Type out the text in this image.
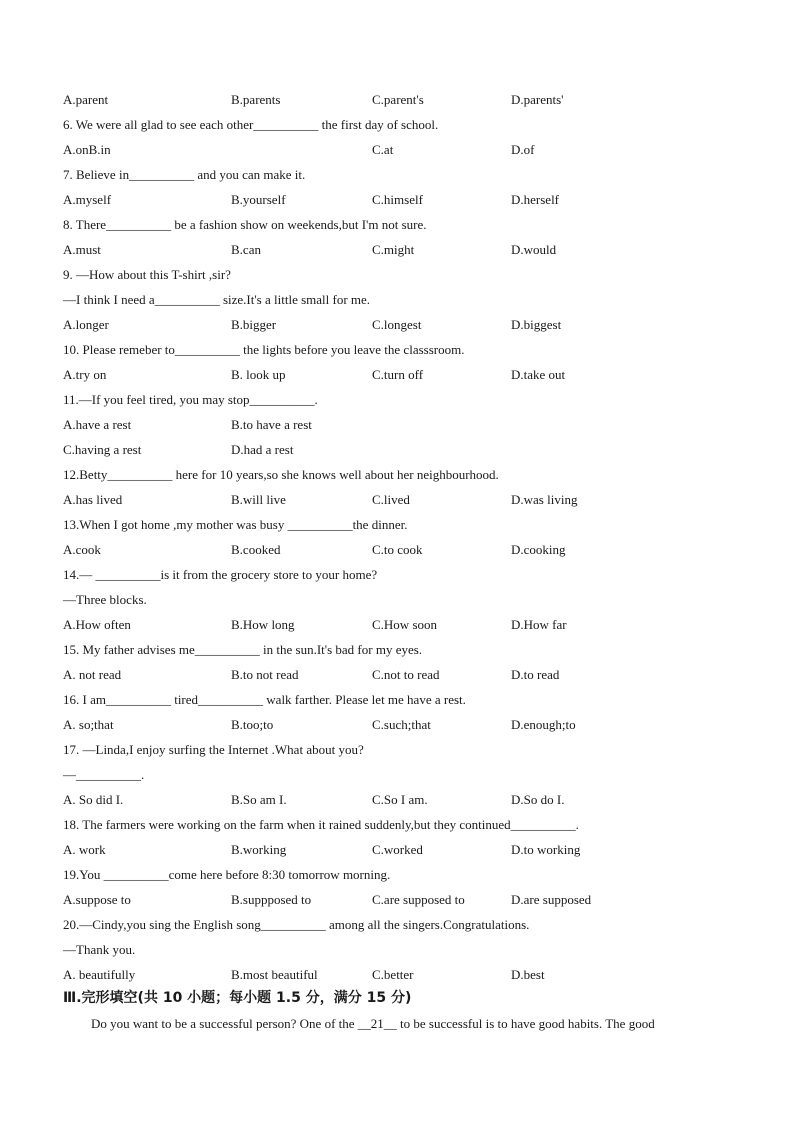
A.parent	B.parents	C.parent's	D.parents'
6. We were all glad to see each other__________ the first day of school.
A.onB.in	C.at	D.of
7. Believe in__________ and you can make it.
A.myself	B.yourself	C.himself	D.herself
8. There__________ be a fashion show on weekends,but I'm not sure.
A.must	B.can	C.might	D.would
9. —How about this T-shirt ,sir?
—I think I need a__________ size.It's a little small for me.
A.longer	B.bigger	C.longest	D.biggest
10. Please remeber to__________ the lights before you leave the classsroom.
A.try on	B. look up	C.turn off	D.take out
11.—If you feel tired, you may stop__________.
A.have a rest	B.to have a rest
C.having a rest	D.had a rest
12.Betty__________ here for 10 years,so she knows well about her neighbourhood.
A.has lived	B.will live	C.lived	D.was living
13.When I got home ,my mother was busy __________the dinner.
A.cook	B.cooked	C.to cook	D.cooking
14.— __________is it from the grocery store to your home?
—Three blocks.
A.How often	B.How long	C.How soon	D.How far
15. My father advises me__________ in the sun.It's bad for my eyes.
A. not read	B.to not read	C.not to read	D.to read
16. I am__________ tired__________ walk farther. Please let me have a rest.
A. so;that	B.too;to	C.such;that	D.enough;to
17. —Linda,I enjoy surfing the Internet .What about you?
—__________.
A. So did I.	B.So am I.	C.So I am.	D.So do I.
18. The farmers were working on the farm when it rained suddenly,but they continued__________.
A. work	B.working	C.worked	D.to working
19.You __________come here before 8:30 tomorrow morning.
A.suppose to	B.suppposed to	C.are supposed to	D.are supposed
20.—Cindy,you sing the English song__________ among all the singers.Congratulations.
—Thank you.
A. beautifully	B.most beautiful	C.better	D.best
Ⅲ.完形填空(共 10 小题；每小题 1.5 分，满分 15 分)
Do you want to be a successful person? One of the __21__ to be successful is to have good habits. The good
